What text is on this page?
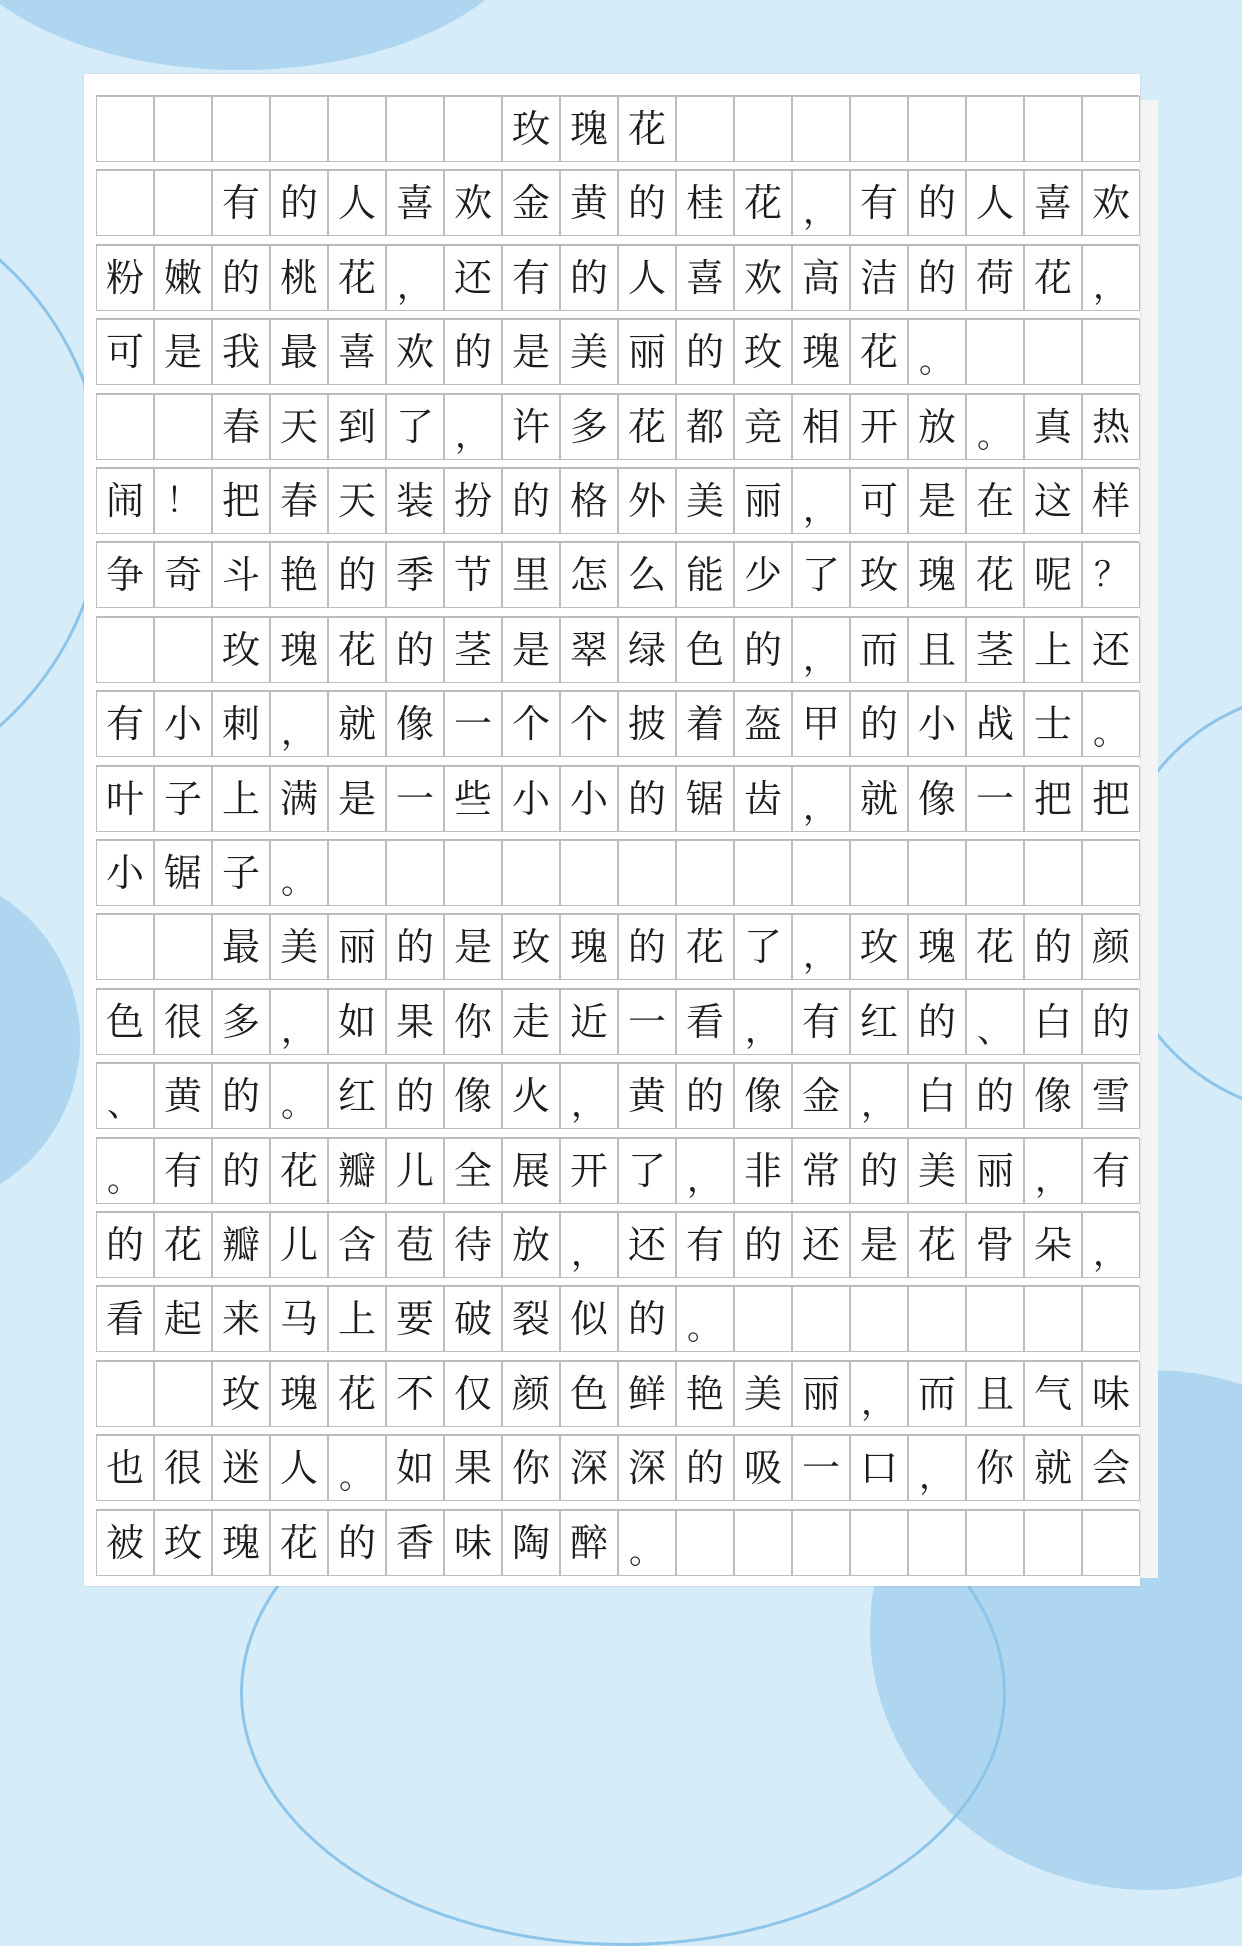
玫 瑰 花
有 的 人 喜 欢 金 黄 的 桂 花 ， 有 的 人 喜 欢
粉 嫩 的 桃 花 ， 还 有 的 人 喜 欢 高 洁 的 荷 花 ，
可 是 我 最 喜 欢 的 是 美 丽 的 玫 瑰 花 。
春 天 到 了 ， 许 多 花 都 竞 相 开 放 。 真 热
闹 ！ 把 春 天 装 扮 的 格 外 美 丽 ， 可 是 在 这 样
争 奇 斗 艳 的 季 节 里 怎 么 能 少 了 玫 瑰 花 呢 ？
玫 瑰 花 的 茎 是 翠 绿 色 的 ， 而 且 茎 上 还
有 小 刺 ， 就 像 一 个 个 披 着 盔 甲 的 小 战 士 。
叶 子 上 满 是 一 些 小 小 的 锯 齿 ， 就 像 一 把 把
小 锯 子 。
最 美 丽 的 是 玫 瑰 的 花 了 ， 玫 瑰 花 的 颜
色 很 多 ， 如 果 你 走 近 一 看 ， 有 红 的 、 白 的
、 黄 的 。 红 的 像 火 ， 黄 的 像 金 ， 白 的 像 雪
。 有 的 花 瓣 儿 全 展 开 了 ， 非 常 的 美 丽 ， 有
的 花 瓣 儿 含 苞 待 放 ， 还 有 的 还 是 花 骨 朵 ，
看 起 来 马 上 要 破 裂 似 的 。
玫 瑰 花 不 仅 颜 色 鲜 艳 美 丽 ， 而 且 气 味
也 很 迷 人 。 如 果 你 深 深 的 吸 一 口 ， 你 就 会
被 玫 瑰 花 的 香 味 陶 醉 。
